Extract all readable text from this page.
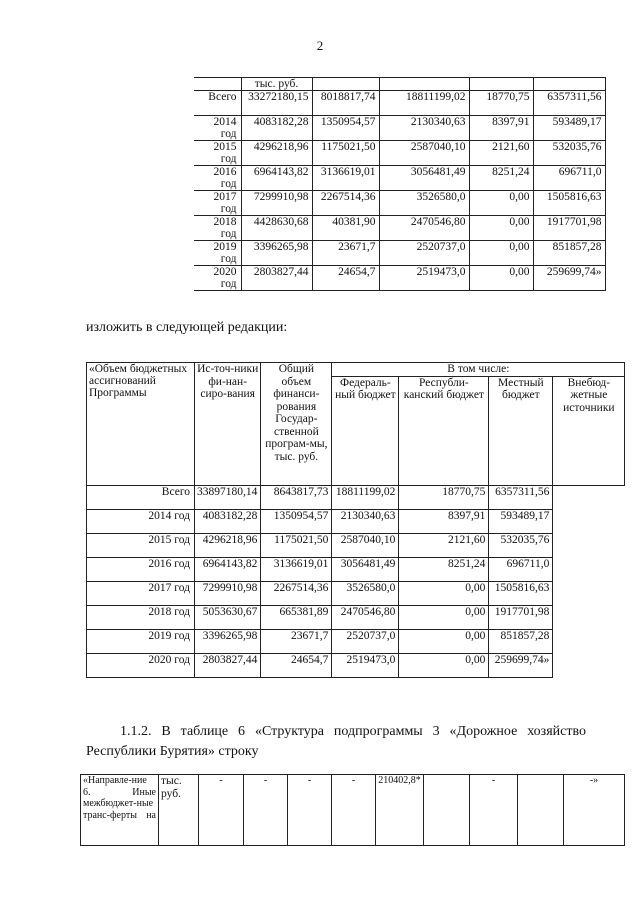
2
	тыс. руб.				
Всего	33272180,15	8018817,74	18811199,02	18770,75	6357311,56
2014 год	4083182,28	1350954,57	2130340,63	8397,91	593489,17
2015 год	4296218,96	1175021,50	2587040,10	2121,60	532035,76
2016 год	6964143,82	3136619,01	3056481,49	8251,24	696711,0
2017 год	7299910,98	2267514,36	3526580,0	0,00	1505816,63
2018 год	4428630,68	40381,90	2470546,80	0,00	1917701,98
2019 год	3396265,98	23671,7	2520737,0	0,00	851857,28
2020 год	2803827,44	24654,7	2519473,0	0,00	259699,74»
изложить в следующей редакции:
«Объем бюджетных ассигнований Программы	Ис-точ-ники фи-нан-сиро-вания	Общий объем финанси-рования Государ-ственной програм-мы, тыс. руб.	В том числе:			
			Федераль-ный бюджет	Республи-канский бюджет	Местный бюджет	Внебюд-жетные источники
Всего	33897180,14	8643817,73	18811199,02	18770,75	6357311,56	
2014 год	4083182,28	1350954,57	2130340,63	8397,91	593489,17	
2015 год	4296218,96	1175021,50	2587040,10	2121,60	532035,76	
2016 год	6964143,82	3136619,01	3056481,49	8251,24	696711,0	
2017 год	7299910,98	2267514,36	3526580,0	0,00	1505816,63	
2018 год	5053630,67	665381,89	2470546,80	0,00	1917701,98	
2019 год	3396265,98	23671,7	2520737,0	0,00	851857,28	
2020 год	2803827,44	24654,7	2519473,0	0,00	259699,74»	
1.1.2. В таблице 6 «Структура подпрограммы 3 «Дорожное хозяйство Республики Бурятия» строку
«Направле-ние 6. Иные межбюджет-ные транс-ферты на	тыс. руб.	-	-	-	-	210402,8*		-		-»
